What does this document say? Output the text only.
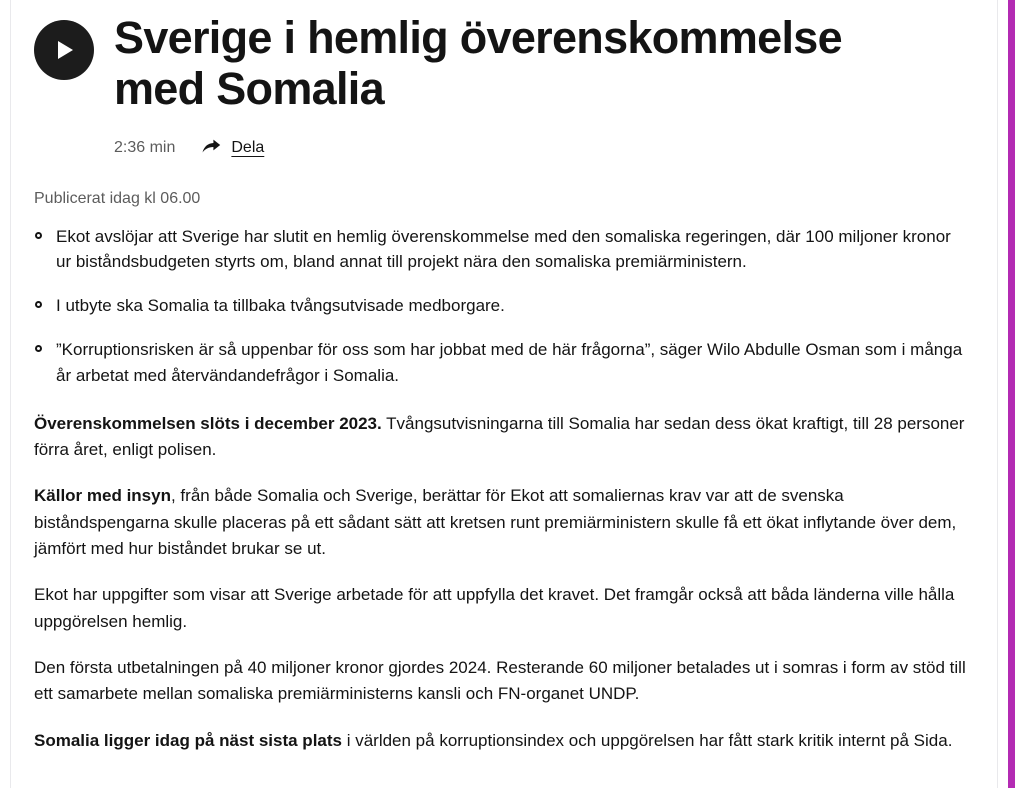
Sverige i hemlig överenskommelse med Somalia
2:36 min	Dela
Publicerat idag kl 06.00
Ekot avslöjar att Sverige har slutit en hemlig överenskommelse med den somaliska regeringen, där 100 miljoner kronor ur biståndsbudgeten styrts om, bland annat till projekt nära den somaliska premiärministern.
I utbyte ska Somalia ta tillbaka tvångsutvisade medborgare.
”Korruptionsrisken är så uppenbar för oss som har jobbat med de här frågorna”, säger Wilo Abdulle Osman som i många år arbetat med återvändandefrågor i Somalia.

Överenskommelsen slöts i december 2023. Tvångsutvisningarna till Somalia har sedan dess ökat kraftigt, till 28 personer förra året, enligt polisen.

Källor med insyn, från både Somalia och Sverige, berättar för Ekot att somaliernas krav var att de svenska biståndspengarna skulle placeras på ett sådant sätt att kretsen runt premiärministern skulle få ett ökat inflytande över dem, jämfört med hur biståndet brukar se ut.

Ekot har uppgifter som visar att Sverige arbetade för att uppfylla det kravet. Det framgår också att båda länderna ville hålla uppgörelsen hemlig.

Den första utbetalningen på 40 miljoner kronor gjordes 2024. Resterande 60 miljoner betalades ut i somras i form av stöd till ett samarbete mellan somaliska premiärministerns kansli och FN-organet UNDP.

Somalia ligger idag på näst sista plats i världen på korruptionsindex och uppgörelsen har fått stark kritik internt på Sida.
